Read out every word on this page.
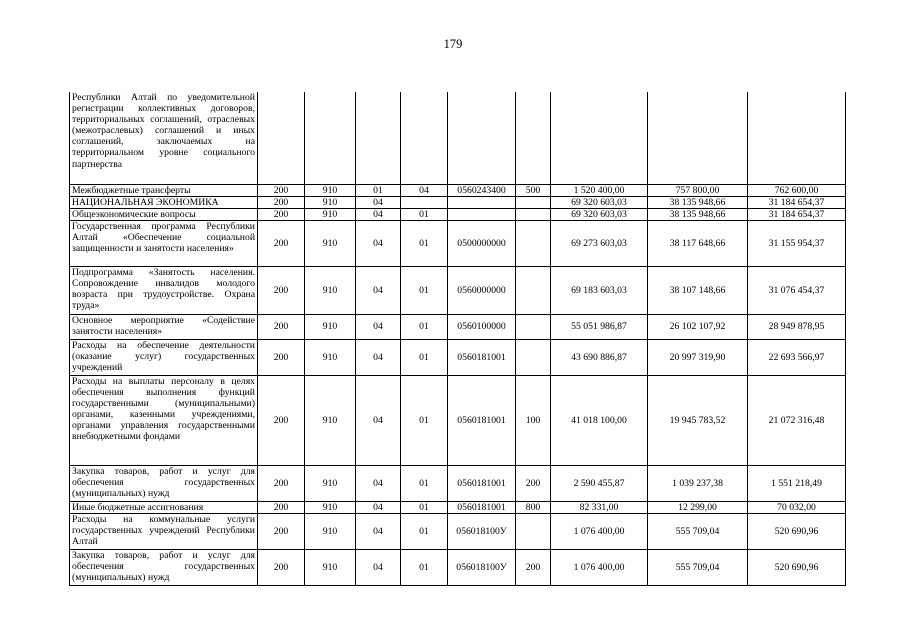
179
Республики Алтай по уведомительной регистрации коллективных договоров, территориальных соглашений, отраслевых (межотраслевых) соглашений и иных соглашений, заключаемых на территориальном уровне социального партнерства									
Межбюджетные трансферты	200	910	01	04	0560243400	500	1 520 400,00	757 800,00	762 600,00
НАЦИОНАЛЬНАЯ ЭКОНОМИКА	200	910	04				69 320 603,03	38 135 948,66	31 184 654,37
Общеэкономические вопросы	200	910	04	01			69 320 603,03	38 135 948,66	31 184 654,37
Государственная программа Республики Алтай «Обеспечение социальной защищенности и занятости населения»	200	910	04	01	0500000000		69 273 603,03	38 117 648,66	31 155 954,37
Подпрограмма «Занятость населения. Сопровождение инвалидов молодого возраста при трудоустройстве. Охрана труда»	200	910	04	01	0560000000		69 183 603,03	38 107 148,66	31 076 454,37
Основное мероприятие «Содействие занятости населения»	200	910	04	01	0560100000		55 051 986,87	26 102 107,92	28 949 878,95
Расходы на обеспечение деятельности (оказание услуг) государственных учреждений	200	910	04	01	0560181001		43 690 886,87	20 997 319,90	22 693 566,97
Расходы на выплаты персоналу в целях обеспечения выполнения функций государственными (муниципальными) органами, казенными учреждениями, органами управления государственными внебюджетными фондами	200	910	04	01	0560181001	100	41 018 100,00	19 945 783,52	21 072 316,48
Закупка товаров, работ и услуг для обеспечения государственных (муниципальных) нужд	200	910	04	01	0560181001	200	2 590 455,87	1 039 237,38	1 551 218,49
Иные бюджетные ассигнования	200	910	04	01	0560181001	800	82 331,00	12 299,00	70 032,00
Расходы на коммунальные услуги государственных учреждений Республики Алтай	200	910	04	01	056018100У		1 076 400,00	555 709,04	520 690,96
Закупка товаров, работ и услуг для обеспечения государственных (муниципальных) нужд	200	910	04	01	056018100У	200	1 076 400,00	555 709,04	520 690,96
